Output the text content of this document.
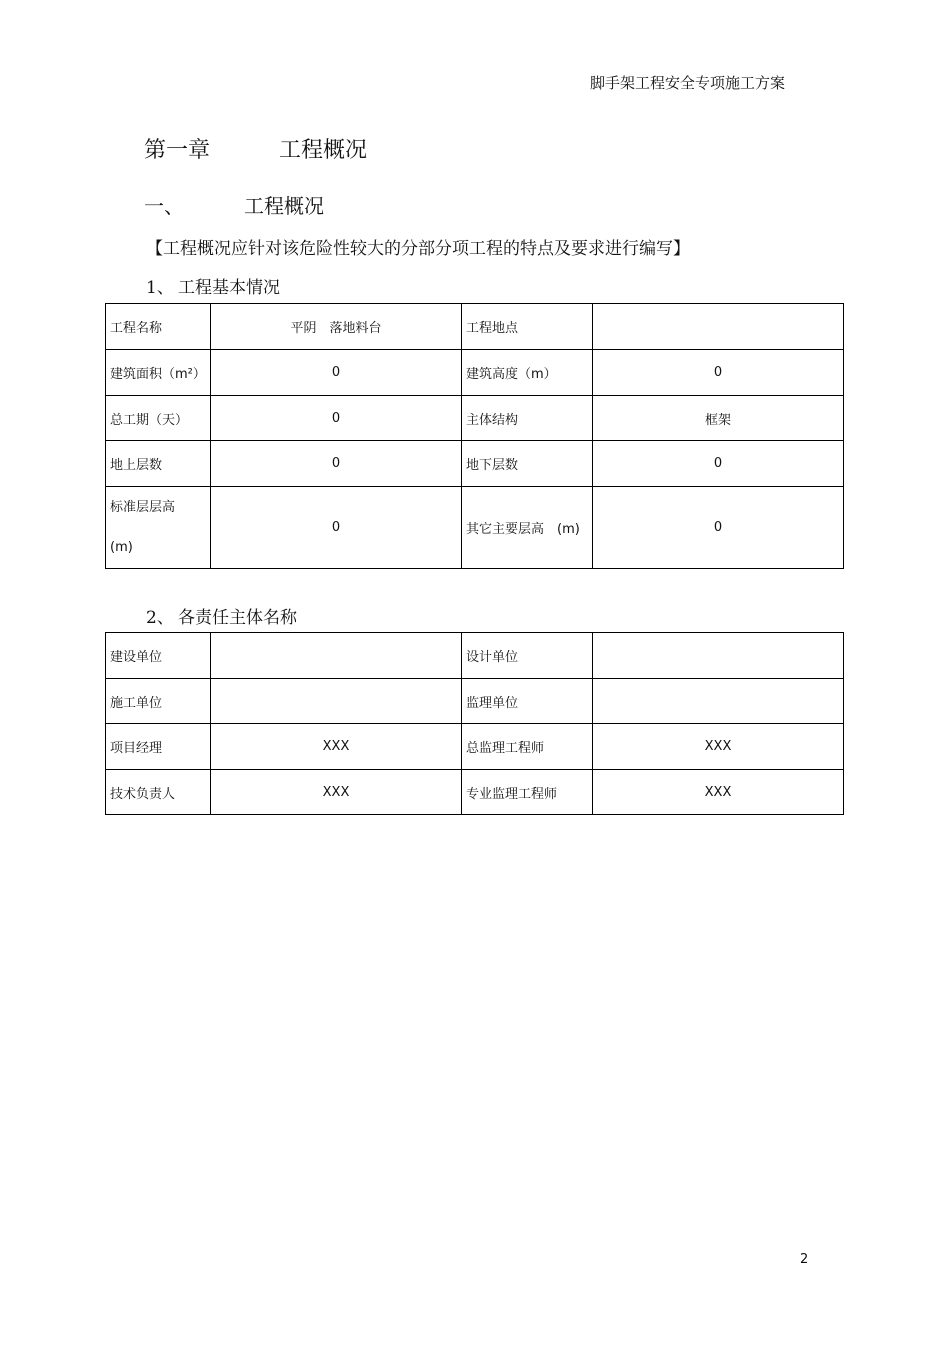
脚手架工程安全专项施工方案
第一章	工程概况
一、	工程概况
【工程概况应针对该危险性较大的分部分项工程的特点及要求进行编写】
1、 工程基本情况
工程名称	平阴　落地料台	工程地点	
建筑面积（m²）	0	建筑高度（m）	0
总工期（天）	0	主体结构	框架
地上层数	0	地下层数	0

标准层层高
(m)	0	其它主要层高　(m)	0
2、 各责任主体名称
建设单位		设计单位	
施工单位		监理单位	
项目经理	XXX	总监理工程师	XXX
技术负责人	XXX	专业监理工程师	XXX
2
